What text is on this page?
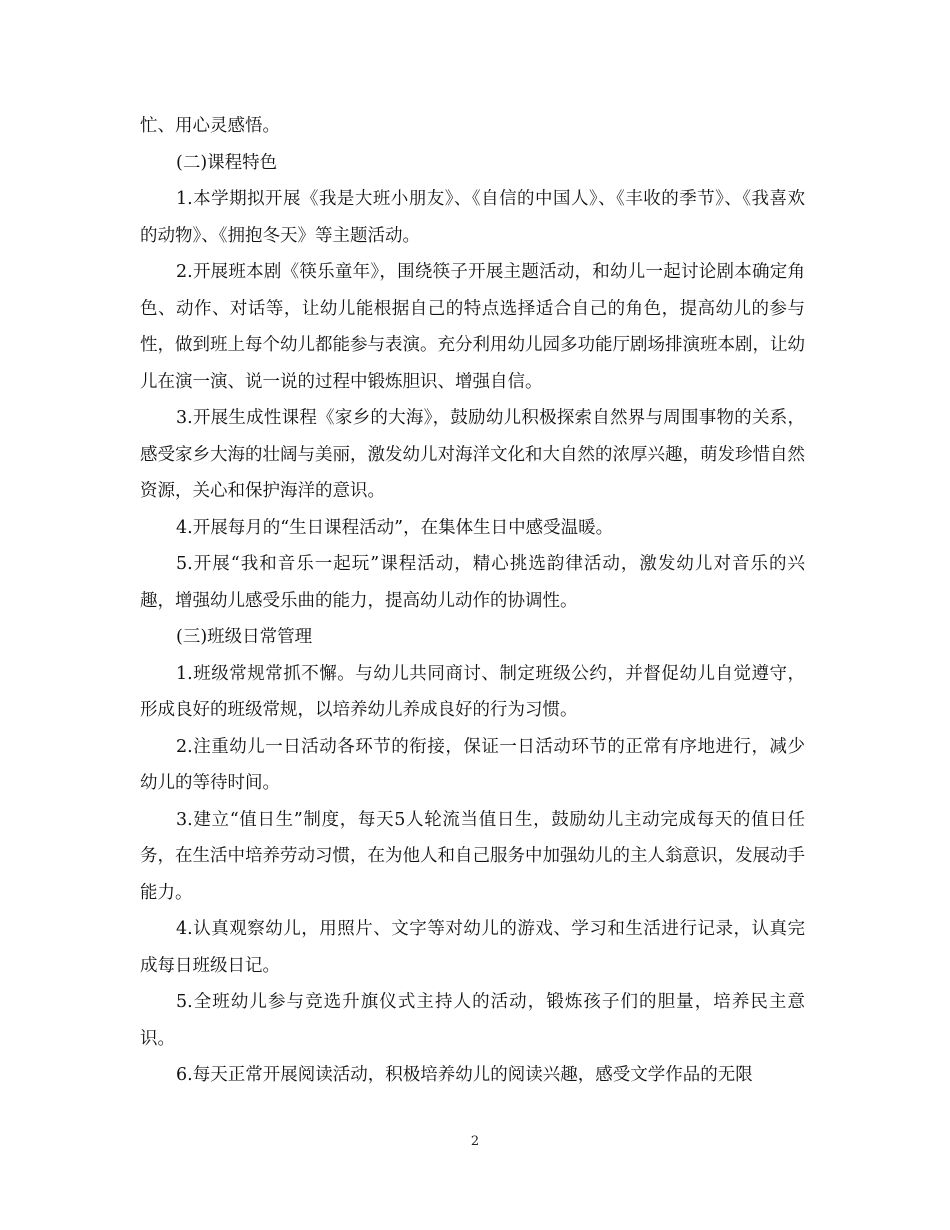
忙、用心灵感悟。

(二)课程特色

1.本学期拟开展《我是大班小朋友》、《自信的中国人》、《丰收的季节》、《我喜欢的动物》、《拥抱冬天》等主题活动。

2.开展班本剧《筷乐童年》，围绕筷子开展主题活动，和幼儿一起讨论剧本确定角色、动作、对话等，让幼儿能根据自己的特点选择适合自己的角色，提高幼儿的参与性，做到班上每个幼儿都能参与表演。充分利用幼儿园多功能厅剧场排演班本剧，让幼儿在演一演、说一说的过程中锻炼胆识、增强自信。

3.开展生成性课程《家乡的大海》，鼓励幼儿积极探索自然界与周围事物的关系，感受家乡大海的壮阔与美丽，激发幼儿对海洋文化和大自然的浓厚兴趣，萌发珍惜自然资源，关心和保护海洋的意识。

4.开展每月的“生日课程活动”，在集体生日中感受温暖。

5.开展“我和音乐一起玩”课程活动，精心挑选韵律活动，激发幼儿对音乐的兴趣，增强幼儿感受乐曲的能力，提高幼儿动作的协调性。

(三)班级日常管理

1.班级常规常抓不懈。与幼儿共同商讨、制定班级公约，并督促幼儿自觉遵守，形成良好的班级常规，以培养幼儿养成良好的行为习惯。

2.注重幼儿一日活动各环节的衔接，保证一日活动环节的正常有序地进行，减少幼儿的等待时间。

3.建立“值日生”制度，每天5人轮流当值日生，鼓励幼儿主动完成每天的值日任务，在生活中培养劳动习惯，在为他人和自己服务中加强幼儿的主人翁意识，发展动手能力。

4.认真观察幼儿，用照片、文字等对幼儿的游戏、学习和生活进行记录，认真完成每日班级日记。

5.全班幼儿参与竞选升旗仪式主持人的活动，锻炼孩子们的胆量，培养民主意识。

6.每天正常开展阅读活动，积极培养幼儿的阅读兴趣，感受文学作品的无限

2
